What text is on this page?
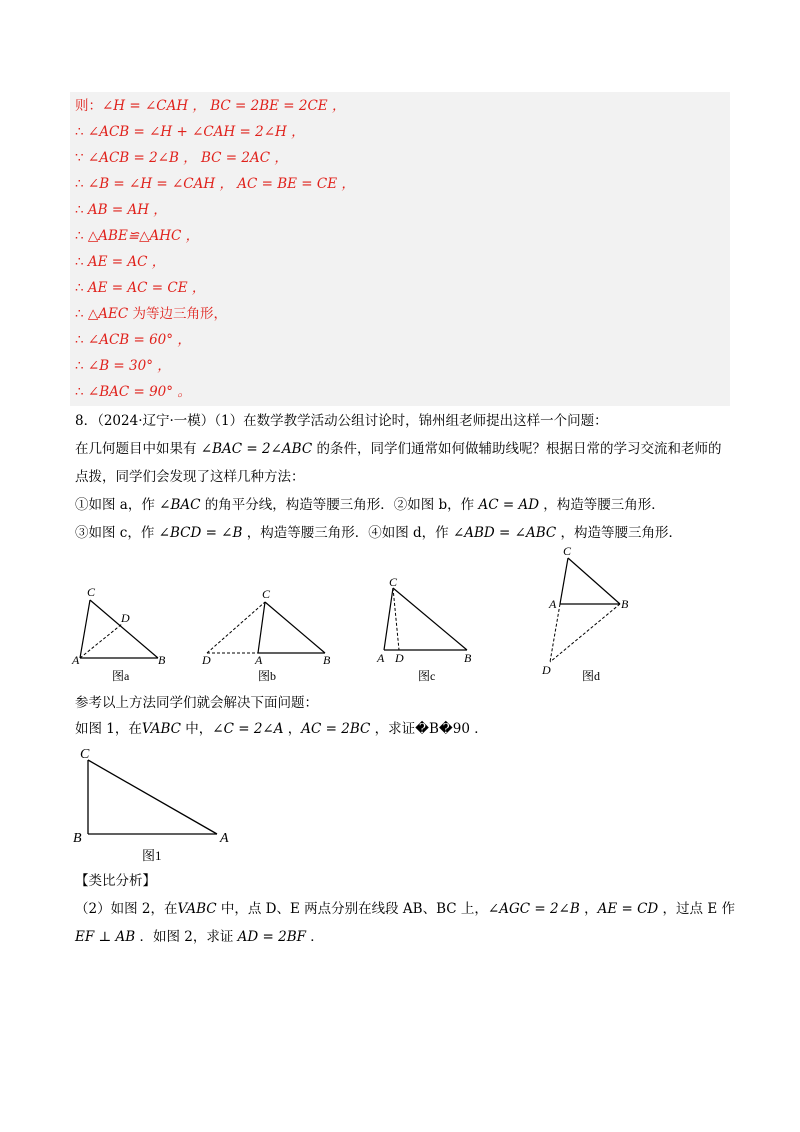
则：∠H = ∠CAH ， BC = 2BE = 2CE ，
∴ ∠ACB = ∠H + ∠CAH = 2∠H ，
∵ ∠ACB = 2∠B ， BC = 2AC ，
∴ ∠B = ∠H = ∠CAH ， AC = BE = CE ，
∴ AB = AH ，
∴ △ABE≌△AHC ，
∴ AE = AC ，
∴ AE = AC = CE ，
∴ △AEC 为等边三角形，
∴ ∠ACB = 60° ，
∴ ∠B = 30° ，
∴ ∠BAC = 90° 。
8．（2024·辽宁·一模）（1）在数学教学活动公组讨论时，锦州组老师提出这样一个问题：
在几何题目中如果有 ∠BAC = 2∠ABC 的条件，同学们通常如何做辅助线呢？根据日常的学习交流和老师的
点拨，同学们会发现了这样几种方法：
①如图 a，作 ∠BAC 的角平分线，构造等腰三角形．②如图 b，作 AC = AD ，构造等腰三角形．
③如图 c，作 ∠BCD = ∠B ，构造等腰三角形．④如图 d，作 ∠ABD = ∠ABC ，构造等腰三角形．
C
D
A	B
图a
C
D	A	B
图b
C
A D	B
图c
C
A	B
D	图d
参考以上方法同学们就会解决下面问题：
如图 1，在VABC 中，∠C = 2∠A ，AC = 2BC ，求证�B�90 ．
C
B	A
图1
【类比分析】
（2）如图 2，在VABC 中，点 D、E 两点分别在线段 AB、BC 上，∠AGC = 2∠B ，AE = CD ，过点 E 作
EF ⊥ AB ．如图 2，求证 AD = 2BF ．
